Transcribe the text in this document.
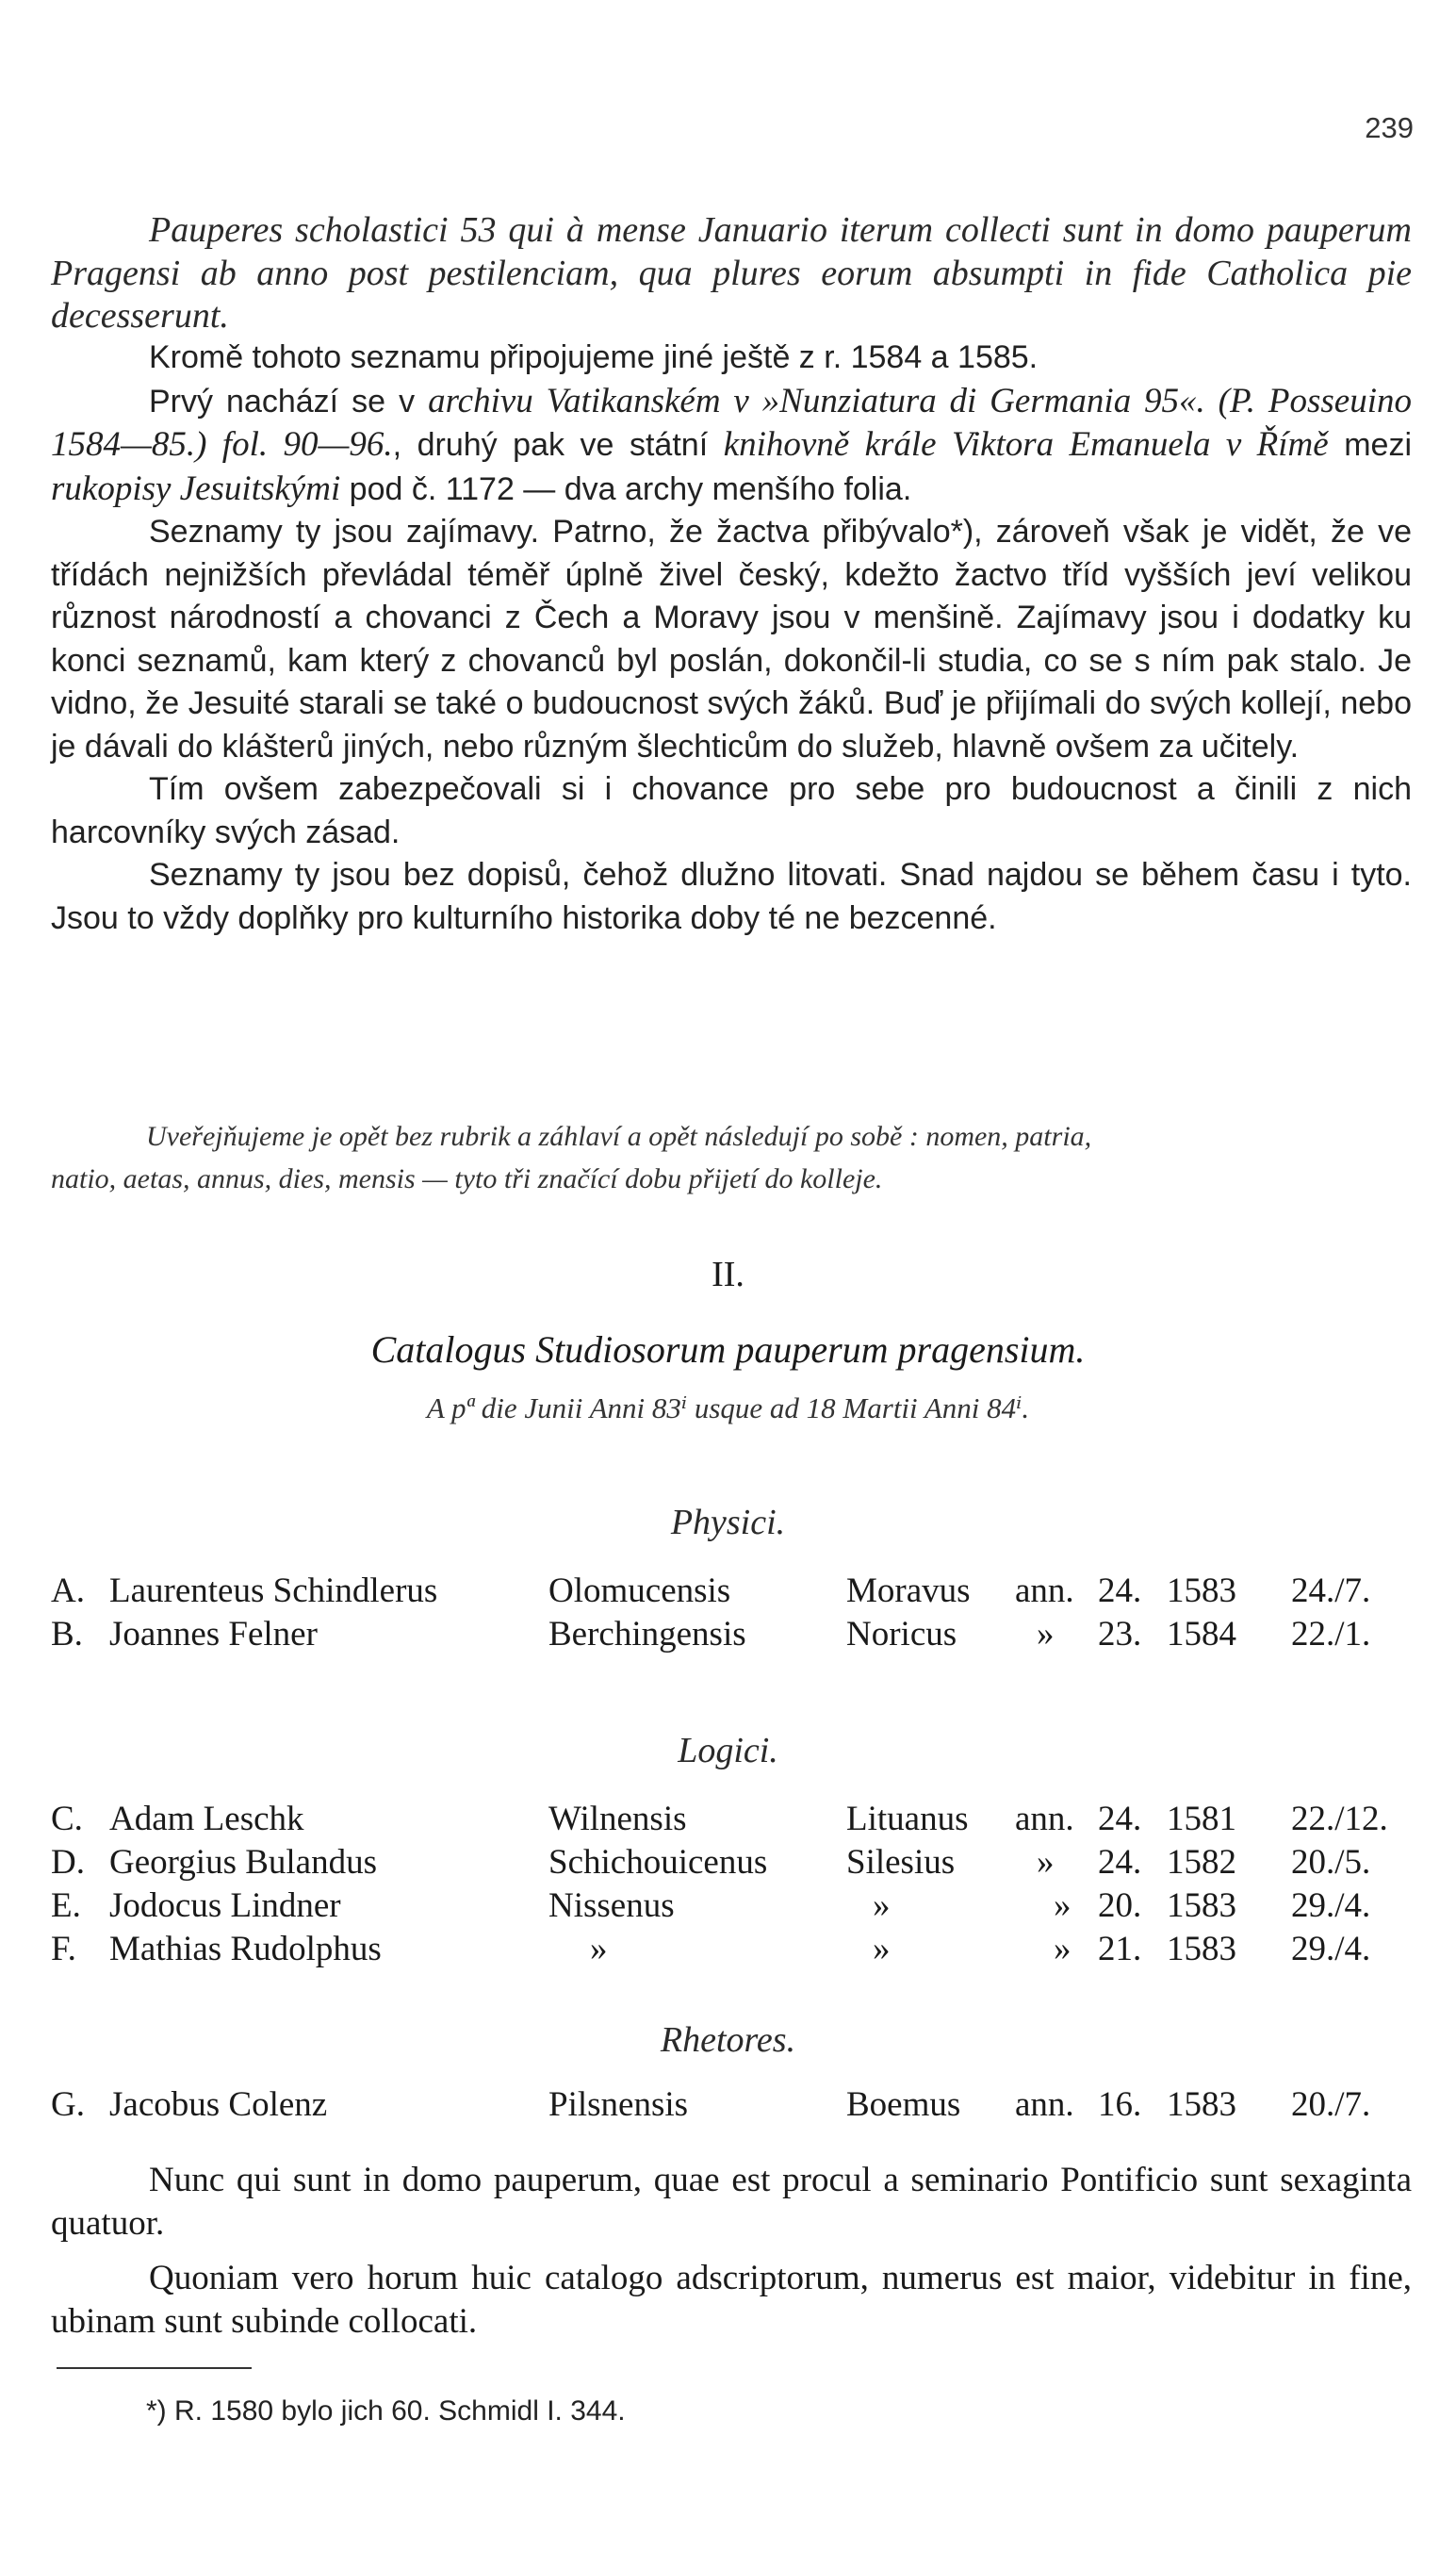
239

Pauperes scholastici 53 qui à mense Januario iterum collecti sunt in domo pauperum Pragensi ab anno post pestilenciam, qua plures eorum absumpti in fide Catholica pie decesserunt.

Kromě tohoto seznamu připojujeme jiné ještě z r. 1584 a 1585.

Prvý nachází se v archivu Vatikanském v »Nunziatura di Germania 95«. (P. Posseuino 1584—85.) fol. 90—96., druhý pak ve státní knihovně krále Viktora Emanuela v Římě mezi rukopisy Jesuitskými pod č. 1172 — dva archy menšího folia.

Seznamy ty jsou zajímavy. Patrno, že žactva přibývalo*), zároveň však je vidět, že ve třídách nejnižších převládal téměř úplně živel český, kdežto žactvo tříd vyšších jeví velikou různost národností a chovanci z Čech a Moravy jsou v menšině. Zajímavy jsou i dodatky ku konci seznamů, kam který z chovanců byl poslán, dokončil-li studia, co se s ním pak stalo. Je vidno, že Jesuité starali se také o budoucnost svých žáků. Buď je přijímali do svých kollejí, nebo je dávali do klášterů jiných, nebo různým šlechticům do služeb, hlavně ovšem za učitely.

Tím ovšem zabezpečovali si i chovance pro sebe pro budoucnost a činili z nich harcovníky svých zásad.

Seznamy ty jsou bez dopisů, čehož dlužno litovati. Snad najdou se během času i tyto. Jsou to vždy doplňky pro kulturního historika doby té ne bezcenné.

Uveřejňujeme je opět bez rubrik a záhlaví a opět následují po sobě : nomen, patria,
natio, aetas, annus, dies, mensis — tyto tři značící dobu přijetí do kolleje.
II.
Catalogus Studiosorum pauperum pragensium.
A pª die Junii Anni 83ⁱ usque ad 18 Martii Anni 84ⁱ.
Physici.
A. Laurenteus Schindlerus	Olomucensis	Moravus ann. 24. 1583 24./7.
B. Joannes Felner	Berchingensis	Noricus » 23. 1584 22./1.
Logici.
C. Adam Leschk	Wilnensis	Lituanus ann. 24. 1581 22./12.
D. Georgius Bulandus	Schichouicenus Silesius » 24. 1582 20./5.
E. Jodocus Lindner	Nissenus	»	» 20. 1583 29./4.
F. Mathias Rudolphus	»	»	» 21. 1583 29./4.
Rhetores.
G. Jacobus Colenz	Pilsnensis	Boemus ann. 16. 1583 20./7.

Nunc qui sunt in domo pauperum, quae est procul a seminario Pontificio sunt sexaginta quatuor.

Quoniam vero horum huic catalogo adscriptorum, numerus est maior, videbitur in fine, ubinam sunt subinde collocati.

*) R. 1580 bylo jich 60. Schmidl I. 344.
